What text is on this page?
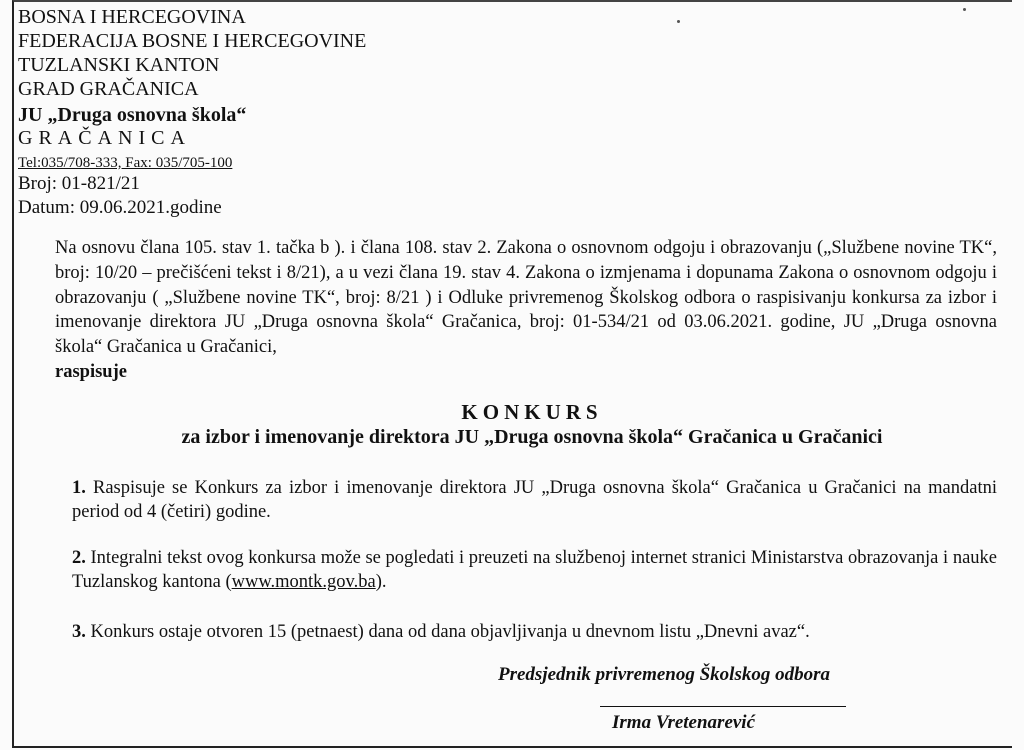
BOSNA I HERCEGOVINA
FEDERACIJA BOSNE I HERCEGOVINE
TUZLANSKI KANTON
GRAD GRAČANICA
JU „Druga osnovna škola“
GRAČANICA
Tel:035/708-333, Fax: 035/705-100
Broj: 01-821/21
Datum: 09.06.2021.godine
Na osnovu člana 105. stav 1. tačka b ). i člana 108. stav 2. Zakona o osnovnom odgoju i obrazovanju („Službene novine TK“, broj: 10/20 – prečišćeni tekst i 8/21), a u vezi člana 19. stav 4. Zakona o izmjenama i dopunama Zakona o osnovnom odgoju i obrazovanju ( „Službene novine TK“, broj: 8/21 ) i Odluke privremenog Školskog odbora o raspisivanju konkursa za izbor i imenovanje direktora JU „Druga osnovna škola“ Gračanica, broj: 01-534/21 od 03.06.2021. godine, JU „Druga osnovna škola“ Gračanica u Gračanici,
raspisuje
KONKURS
za izbor i imenovanje direktora JU „Druga osnovna škola“ Gračanica u Gračanici
1. Raspisuje se Konkurs za izbor i imenovanje direktora JU „Druga osnovna škola“ Gračanica u Gračanici na mandatni period od 4 (četiri) godine.
2. Integralni tekst ovog konkursa može se pogledati i preuzeti na službenoj internet stranici Ministarstva obrazovanja i nauke Tuzlanskog kantona (www.montk.gov.ba).
3. Konkurs ostaje otvoren 15 (petnaest) dana od dana objavljivanja u dnevnom listu „Dnevni avaz“.
Predsjednik privremenog Školskog odbora
Irma Vretenarević
